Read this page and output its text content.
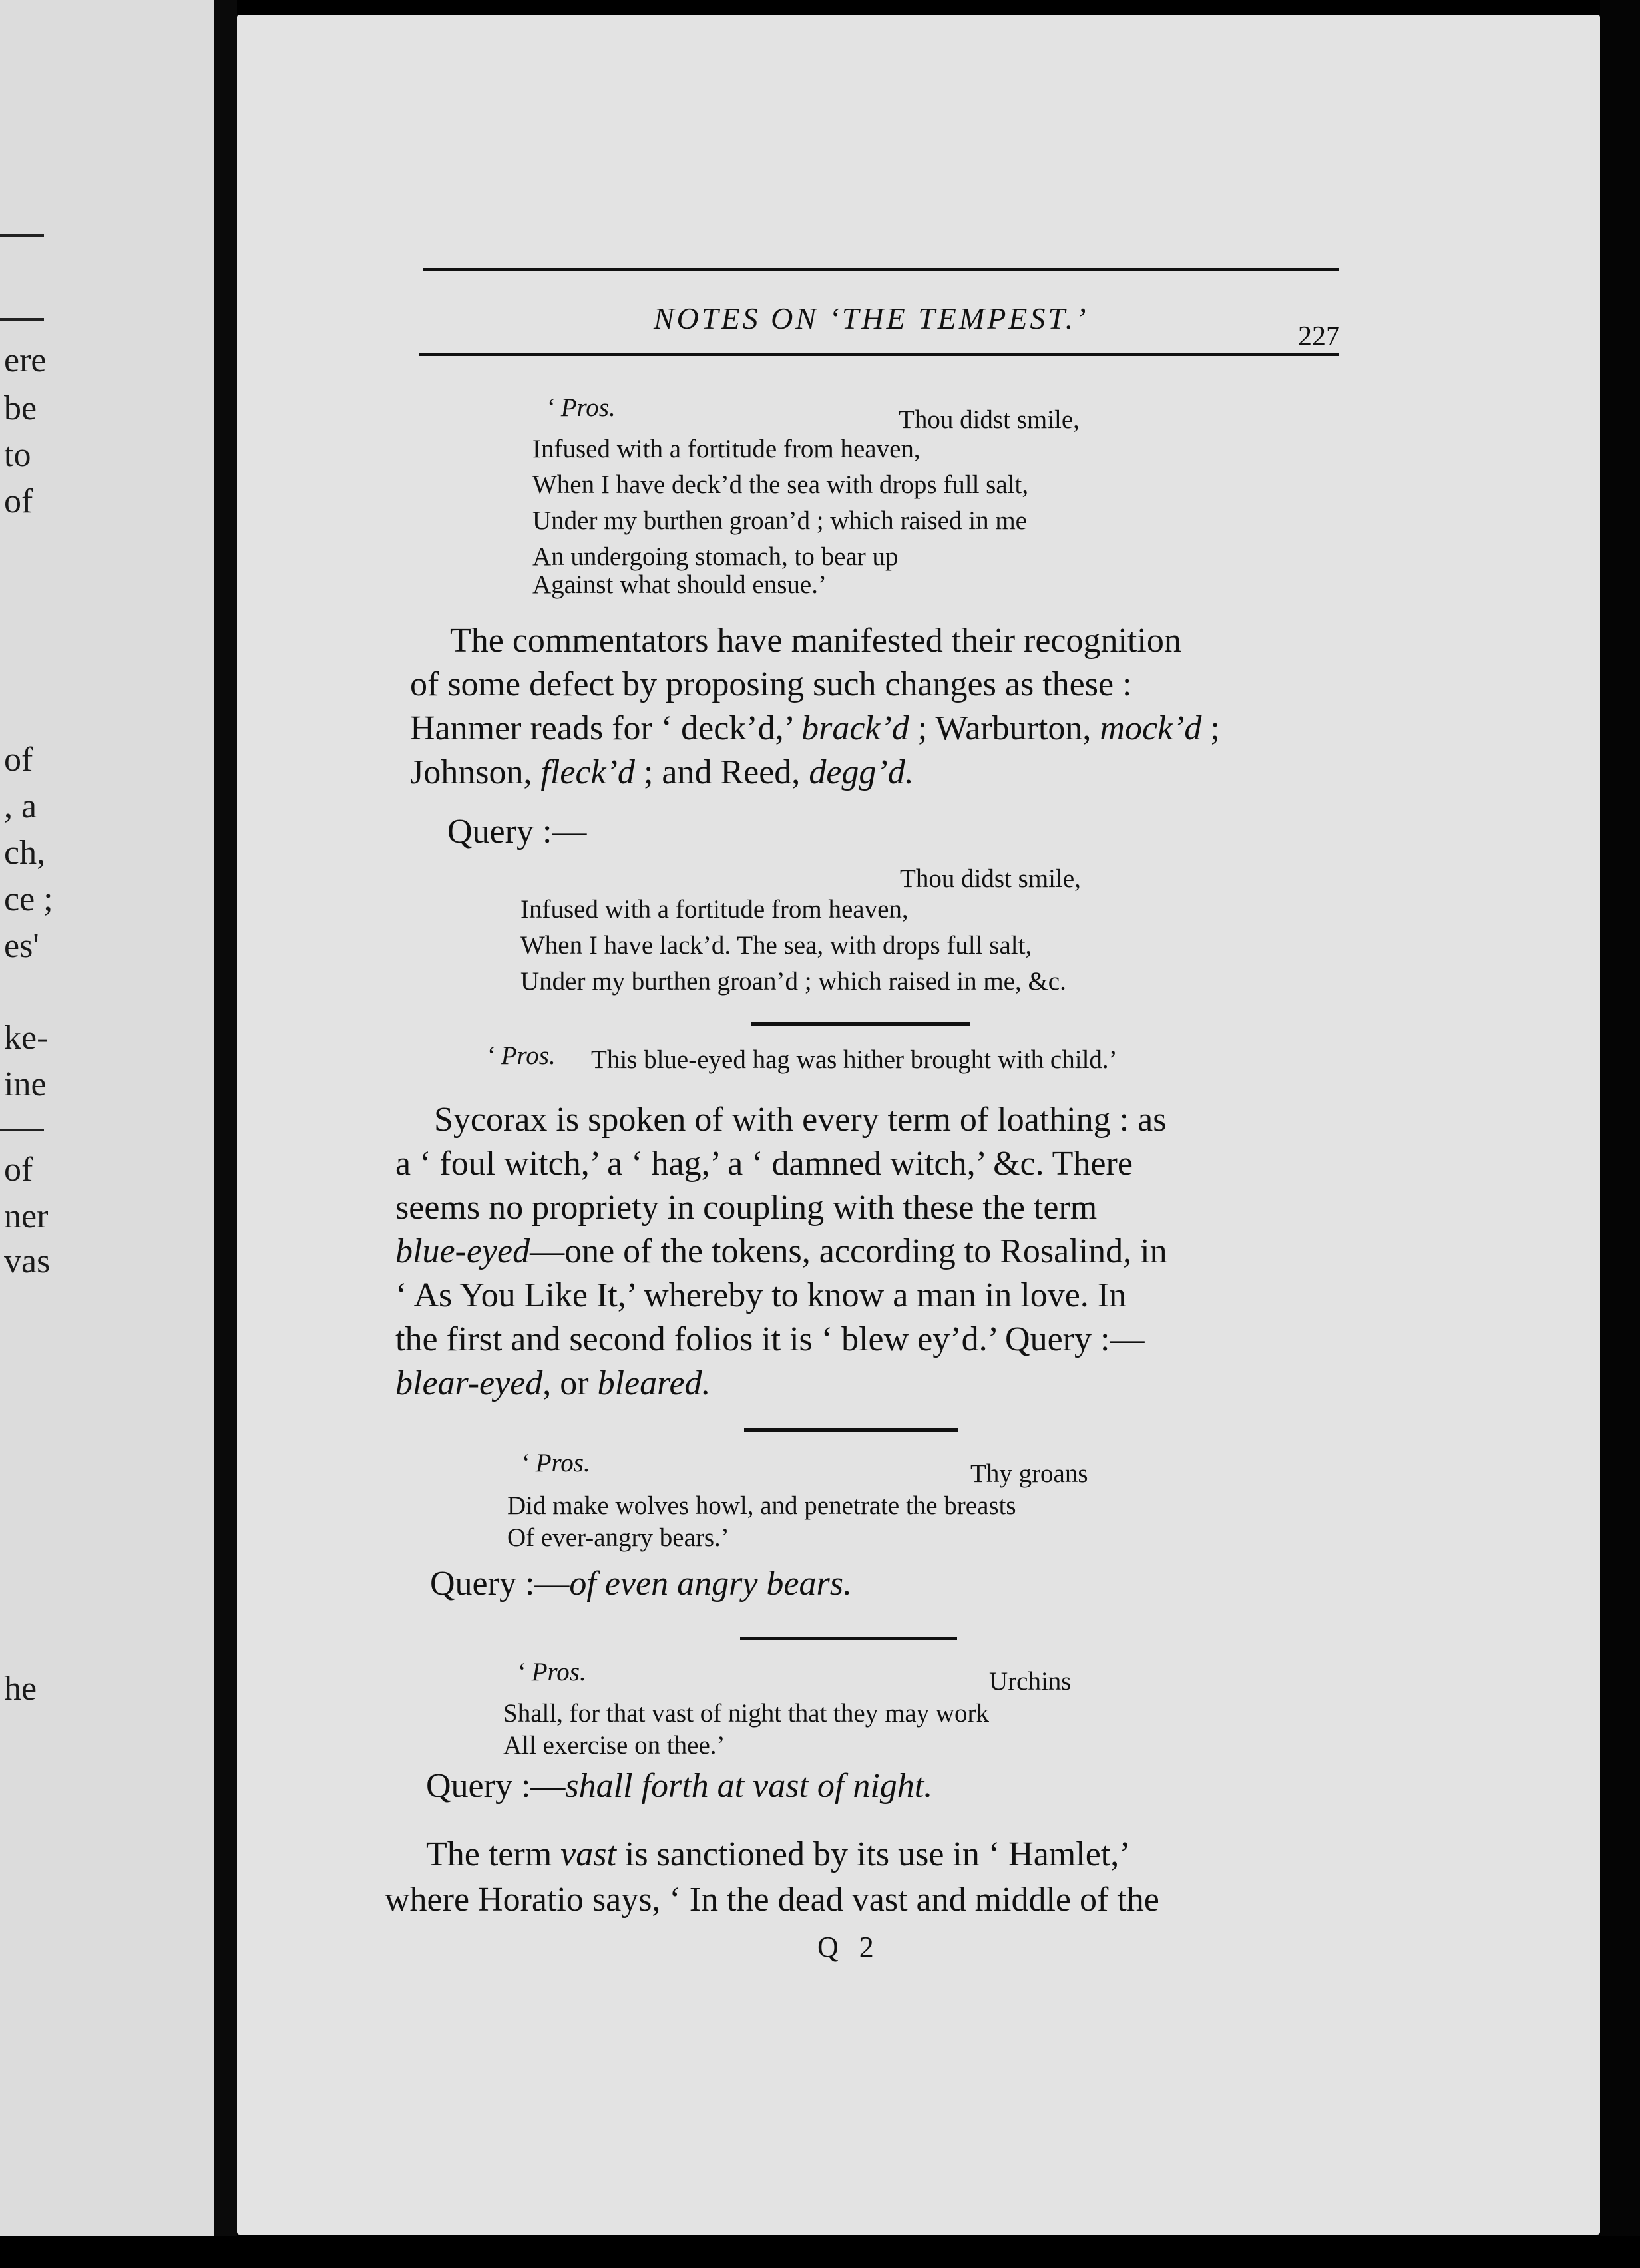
ere
be
to
of
of
, a
ch,
ce ;
es'
ke-
ine
of
ner
vas
he
NOTES ON ‘THE TEMPEST.’
227
‘ Pros.	Thou didst smile,
Infused with a fortitude from heaven,
When I have deck’d the sea with drops full salt,
Under my burthen groan’d ; which raised in me
An undergoing stomach, to bear up
Against what should ensue.’
The commentators have manifested their recognition
of some defect by proposing such changes as these :
Hanmer reads for ‘ deck’d,’ brack’d ; Warburton, mock’d ;
Johnson, fleck’d ; and Reed, degg’d.
Query :—
Thou didst smile,
Infused with a fortitude from heaven,
When I have lack’d. The sea, with drops full salt,
Under my burthen groan’d ; which raised in me, &c.
‘ Pros. This blue-eyed hag was hither brought with child.’
Sycorax is spoken of with every term of loathing : as
a ‘ foul witch,’ a ‘ hag,’ a ‘ damned witch,’ &c. There
seems no propriety in coupling with these the term
blue-eyed—one of the tokens, according to Rosalind, in
‘ As You Like It,’ whereby to know a man in love. In
the first and second folios it is ‘ blew ey’d.’ Query :—
blear-eyed, or bleared.
‘ Pros.	Thy groans
Did make wolves howl, and penetrate the breasts
Of ever-angry bears.’
Query :—of even angry bears.
‘ Pros.	Urchins
Shall, for that vast of night that they may work
All exercise on thee.’
Query :—shall forth at vast of night.
The term vast is sanctioned by its use in ‘ Hamlet,’
where Horatio says, ‘ In the dead vast and middle of the
Q 2
